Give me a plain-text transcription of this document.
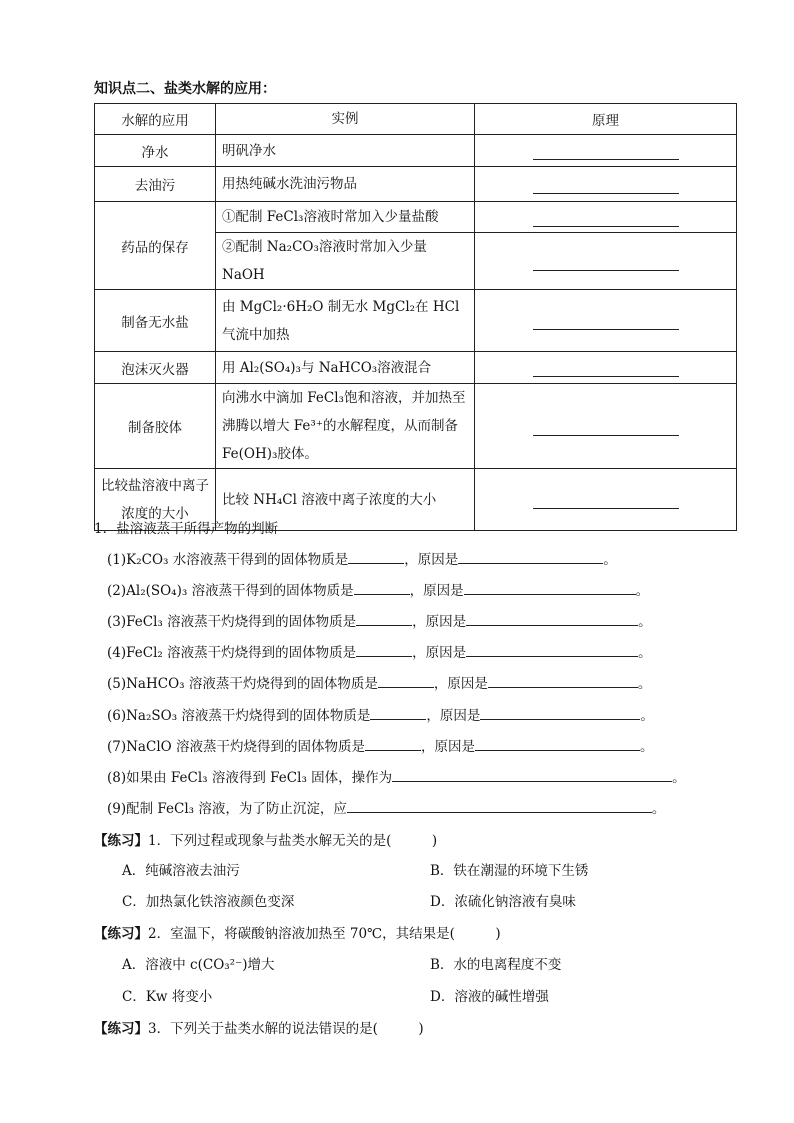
知识点二、盐类水解的应用：
水解的应用	实例	原理
净水	明矾净水	
去油污	用热纯碱水洗油污物品	
药品的保存	①配制 FeCl₃溶液时常加入少量盐酸	
	②配制 Na₂CO₃溶液时常加入少量 NaOH	
制备无水盐	由 MgCl₂·6H₂O 制无水 MgCl₂在 HCl 气流中加热	
泡沫灭火器	用 Al₂(SO₄)₃与 NaHCO₃溶液混合	
制备胶体	向沸水中滴加 FeCl₃饱和溶液，并加热至沸腾以增大 Fe³⁺的水解程度，从而制备 Fe(OH)₃胶体。	
比较盐溶液中离子浓度的大小	比较 NH₄Cl 溶液中离子浓度的大小	
1．盐溶液蒸干所得产物的判断
(1)K₂CO₃ 水溶液蒸干得到的固体物质是	，原因是	。
(2)Al₂(SO₄)₃ 溶液蒸干得到的固体物质是	，原因是	。
(3)FeCl₃ 溶液蒸干灼烧得到的固体物质是	，原因是	。
(4)FeCl₂ 溶液蒸干灼烧得到的固体物质是	，原因是	。
(5)NaHCO₃ 溶液蒸干灼烧得到的固体物质是	，原因是	。
(6)Na₂SO₃ 溶液蒸干灼烧得到的固体物质是	，原因是	。
(7)NaClO 溶液蒸干灼烧得到的固体物质是	，原因是	。
(8)如果由 FeCl₃ 溶液得到 FeCl₃ 固体，操作为	。
(9)配制 FeCl₃ 溶液，为了防止沉淀，应	。
【练习】1．下列过程或现象与盐类水解无关的是(　　　)
A．纯碱溶液去油污	B．铁在潮湿的环境下生锈
C．加热氯化铁溶液颜色变深	D．浓硫化钠溶液有臭味
【练习】2．室温下，将碳酸钠溶液加热至 70℃，其结果是(　　　)
A．溶液中 c(CO₃²⁻)增大	B．水的电离程度不变
C．Kw 将变小	D．溶液的碱性增强
【练习】3．下列关于盐类水解的说法错误的是(　　　)
